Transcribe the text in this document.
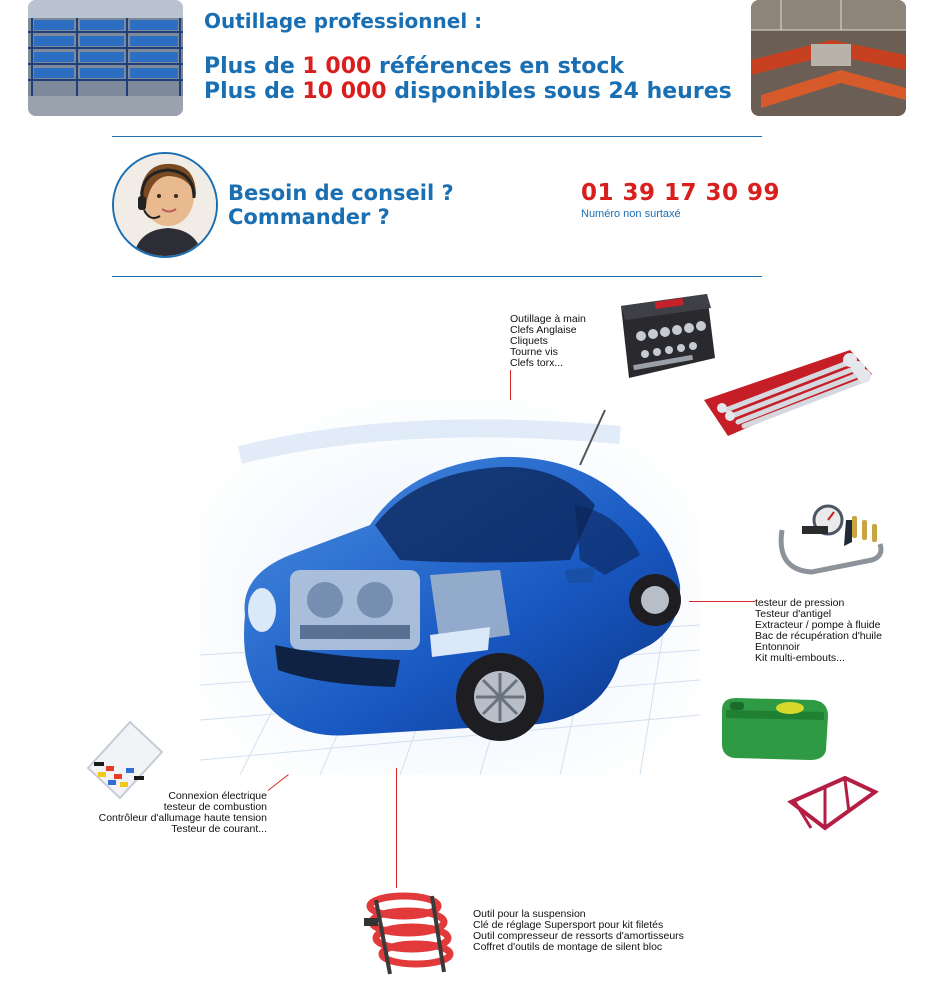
Outillage professionnel :
Plus de 1 000 références en stock
Plus de 10 000 disponibles sous 24 heures
Besoin de conseil ?
Commander ?
01 39 17 30 99
Numéro non surtaxé
Outillage à main
Clefs Anglaise
Cliquets
Tourne vis
Clefs torx...
testeur de pression
Testeur d'antigel
Extracteur / pompe à fluide
Bac de récupération d'huile
Entonnoir
Kit multi-embouts...
Connexion électrique
testeur de combustion
Contrôleur d'allumage haute tension
Testeur de courant...
Outil pour la suspension
Clé de réglage Supersport pour kit filetés
Outil compresseur de ressorts d'amortisseurs
Coffret d'outils de montage de silent bloc
